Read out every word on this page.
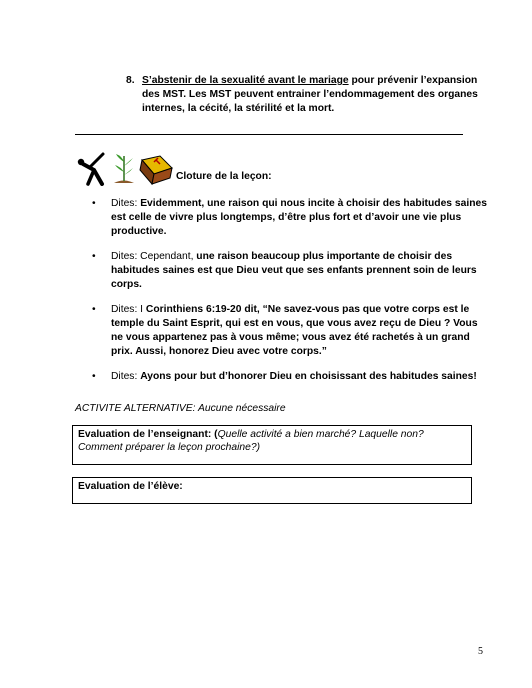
8. S’abstenir de la sexualité avant le mariage pour prévenir l’expansion des MST. Les MST peuvent entrainer l’endommagement des organes internes, la cécité, la stérilité et la mort.
Cloture de la leçon:
• Dites: Evidemment, une raison qui nous incite à choisir des habitudes saines est celle de vivre plus longtemps, d’être plus fort et d’avoir une vie plus productive.
• Dites: Cependant, une raison beaucoup plus importante de choisir des habitudes saines est que Dieu veut que ses enfants prennent soin de leurs corps.
• Dites: I Corinthiens 6:19-20 dit, “Ne savez-vous pas que votre corps est le temple du Saint Esprit, qui est en vous, que vous avez reçu de Dieu ? Vous ne vous appartenez pas à vous même; vous avez été rachetés à un grand prix. Aussi, honorez Dieu avec votre corps.”
• Dites: Ayons pour but d’honorer Dieu en choisissant des habitudes saines!
ACTIVITE ALTERNATIVE: Aucune nécessaire
Evaluation de l’enseignant: (Quelle activité a bien marché? Laquelle non? Comment préparer la leçon prochaine?)
Evaluation de l’élève:
5
